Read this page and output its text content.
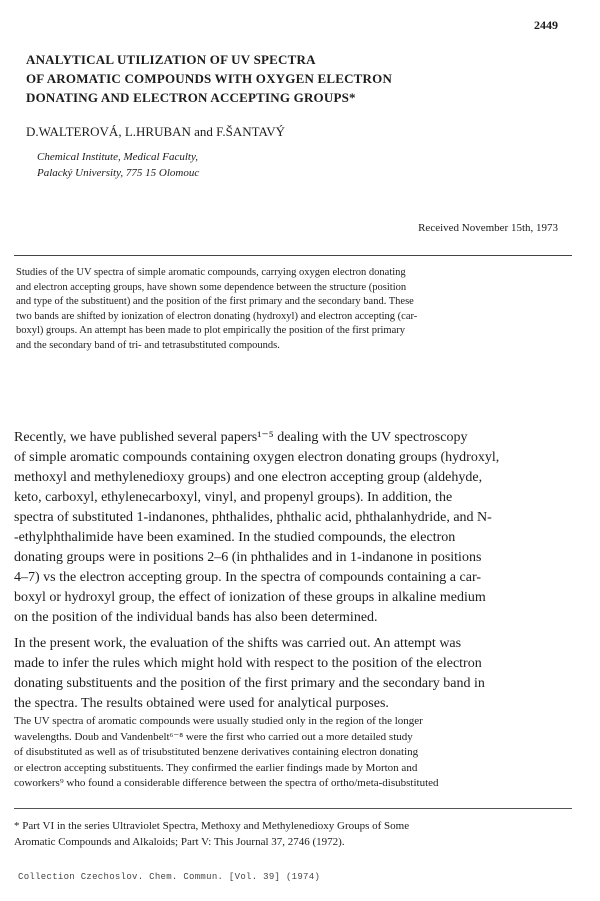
2449
ANALYTICAL UTILIZATION OF UV SPECTRA
OF AROMATIC COMPOUNDS WITH OXYGEN ELECTRON
DONATING AND ELECTRON ACCEPTING GROUPS*
D.WALTEROVÁ, L.HRUBAN and F.ŠANTAVÝ
Chemical Institute, Medical Faculty,
Palacký University, 775 15 Olomouc
Received November 15th, 1973
Studies of the UV spectra of simple aromatic compounds, carrying oxygen electron donating
and electron accepting groups, have shown some dependence between the structure (position
and type of the substituent) and the position of the first primary and the secondary band. These
two bands are shifted by ionization of electron donating (hydroxyl) and electron accepting (car-
boxyl) groups. An attempt has been made to plot empirically the position of the first primary
and the secondary band of tri- and tetrasubstituted compounds.
Recently, we have published several papers¹⁻⁵ dealing with the UV spectroscopy
of simple aromatic compounds containing oxygen electron donating groups (hydroxyl,
methoxyl and methylenedioxy groups) and one electron accepting group (aldehyde,
keto, carboxyl, ethylenecarboxyl, vinyl, and propenyl groups). In addition, the
spectra of substituted 1-indanones, phthalides, phthalic acid, phthalanhydride, and N-
-ethylphthalimide have been examined. In the studied compounds, the electron
donating groups were in positions 2–6 (in phthalides and in 1-indanone in positions
4–7) vs the electron accepting group. In the spectra of compounds containing a car-
boxyl or hydroxyl group, the effect of ionization of these groups in alkaline medium
on the position of the individual bands has also been determined.
In the present work, the evaluation of the shifts was carried out. An attempt was
made to infer the rules which might hold with respect to the position of the electron
donating substituents and the position of the first primary and the secondary band in
the spectra. The results obtained were used for analytical purposes.
The UV spectra of aromatic compounds were usually studied only in the region of the longer
wavelengths. Doub and Vandenbelt⁶⁻⁸ were the first who carried out a more detailed study
of disubstituted as well as of trisubstituted benzene derivatives containing electron donating
or electron accepting substituents. They confirmed the earlier findings made by Morton and
coworkers⁹ who found a considerable difference between the spectra of ortho/meta-disubstituted
* Part VI in the series Ultraviolet Spectra, Methoxy and Methylenedioxy Groups of Some
Aromatic Compounds and Alkaloids; Part V: This Journal 37, 2746 (1972).
Collection Czechoslov. Chem. Commun. [Vol. 39] (1974)
